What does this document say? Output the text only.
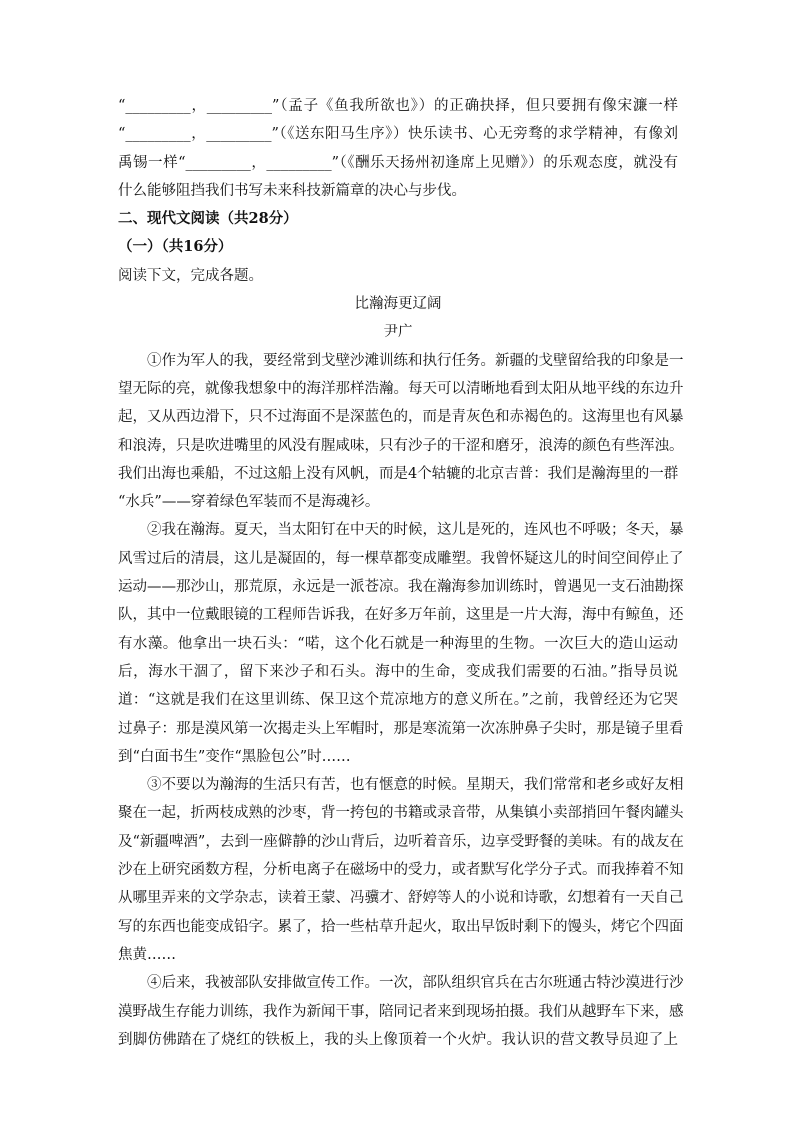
“_________，_________”（孟子《鱼我所欲也》）的正确抉择，但只要拥有像宋濂一样
“_________，_________”（《送东阳马生序》）快乐读书、心无旁骛的求学精神，有像刘
禹锡一样“_________，_________”（《酬乐天扬州初逢席上见赠》）的乐观态度，就没有
什么能够阻挡我们书写未来科技新篇章的决心与步伐。
二、现代文阅读（共28分）
（一）（共16分）
阅读下文，完成各题。
比瀚海更辽阔
尹广
①作为军人的我，要经常到戈壁沙滩训练和执行任务。新疆的戈壁留给我的印象是一
望无际的亮，就像我想象中的海洋那样浩瀚。每天可以清晰地看到太阳从地平线的东边升
起，又从西边滑下，只不过海面不是深蓝色的，而是青灰色和赤褐色的。这海里也有风暴
和浪涛，只是吹进嘴里的风没有腥咸味，只有沙子的干涩和磨牙，浪涛的颜色有些浑浊。
我们出海也乘船，不过这船上没有风帆，而是4个轱辘的北京吉普：我们是瀚海里的一群
“水兵”——穿着绿色军装而不是海魂衫。
②我在瀚海。夏天，当太阳钉在中天的时候，这儿是死的，连风也不呼吸；冬天，暴
风雪过后的清晨，这儿是凝固的，每一棵草都变成雕塑。我曾怀疑这儿的时间空间停止了
运动——那沙山，那荒原，永远是一派苍凉。我在瀚海参加训练时，曾遇见一支石油勘探
队，其中一位戴眼镜的工程师告诉我，在好多万年前，这里是一片大海，海中有鲸鱼，还
有水藻。他拿出一块石头：“喏，这个化石就是一种海里的生物。一次巨大的造山运动
后，海水干涸了，留下来沙子和石头。海中的生命，变成我们需要的石油。”指导员说
道：“这就是我们在这里训练、保卫这个荒凉地方的意义所在。”之前，我曾经还为它哭
过鼻子：那是漠风第一次揭走头上军帽时，那是寒流第一次冻肿鼻子尖时，那是镜子里看
到“白面书生”变作“黑脸包公”时……
③不要以为瀚海的生活只有苦，也有惬意的时候。星期天，我们常常和老乡或好友相
聚在一起，折两枝成熟的沙枣，背一挎包的书籍或录音带，从集镇小卖部捎回午餐肉罐头
及“新疆啤酒”，去到一座僻静的沙山背后，边听着音乐，边享受野餐的美味。有的战友在
沙在上研究函数方程，分析电离子在磁场中的受力，或者默写化学分子式。而我捧着不知
从哪里弄来的文学杂志，读着王蒙、冯骥才、舒婷等人的小说和诗歌，幻想着有一天自己
写的东西也能变成铅字。累了，拾一些枯草升起火，取出早饭时剩下的馒头，烤它个四面
焦黄……
④后来，我被部队安排做宣传工作。一次，部队组织官兵在古尔班通古特沙漠进行沙
漠野战生存能力训练，我作为新闻干事，陪同记者来到现场拍摄。我们从越野车下来，感
到脚仿佛踏在了烧红的铁板上，我的头上像顶着一个火炉。我认识的营文教导员迎了上
